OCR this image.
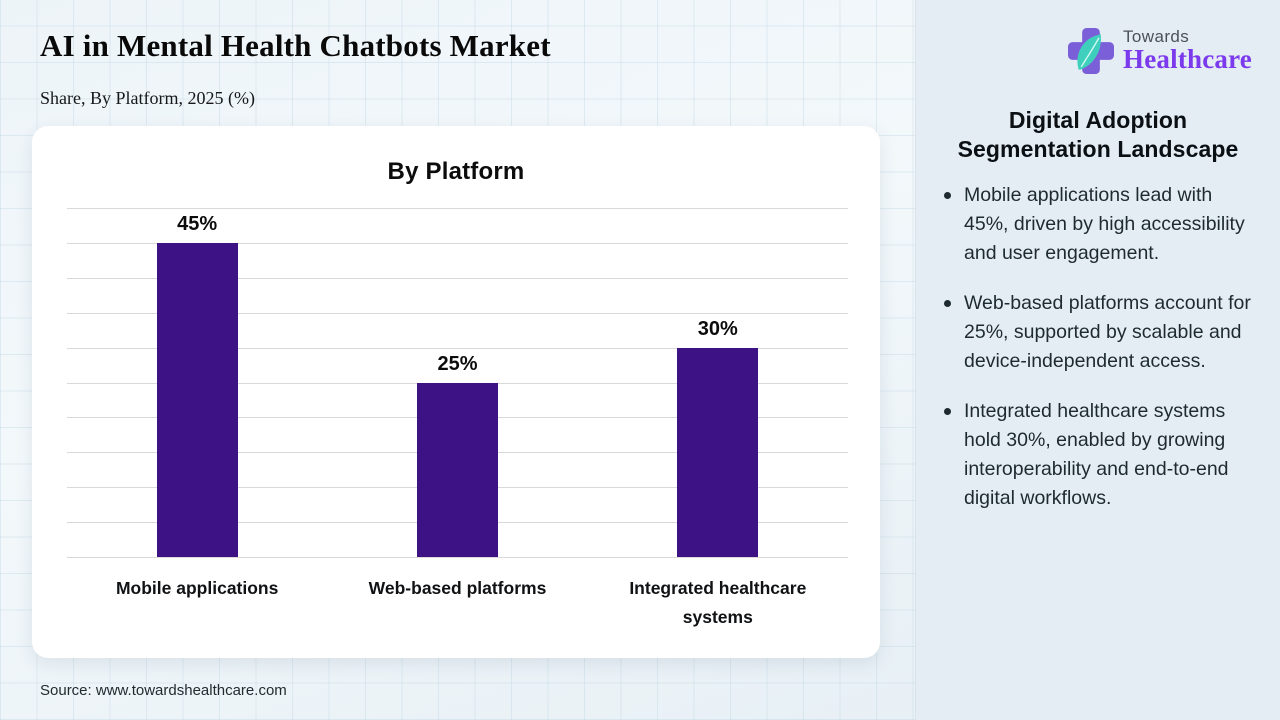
AI in Mental Health Chatbots Market
Share, By Platform, 2025 (%)
By Platform
45%
25%
30%
Mobile applications	Web-based platforms	Integrated healthcare systems
Source: www.towardshealthcare.com
Towards
Healthcare
Digital Adoption Segmentation Landscape
Mobile applications lead with 45%, driven by high accessibility and user engagement.
Web-based platforms account for 25%, supported by scalable and device-independent access.
Integrated healthcare systems hold 30%, enabled by growing interoperability and end-to-end digital workflows.
